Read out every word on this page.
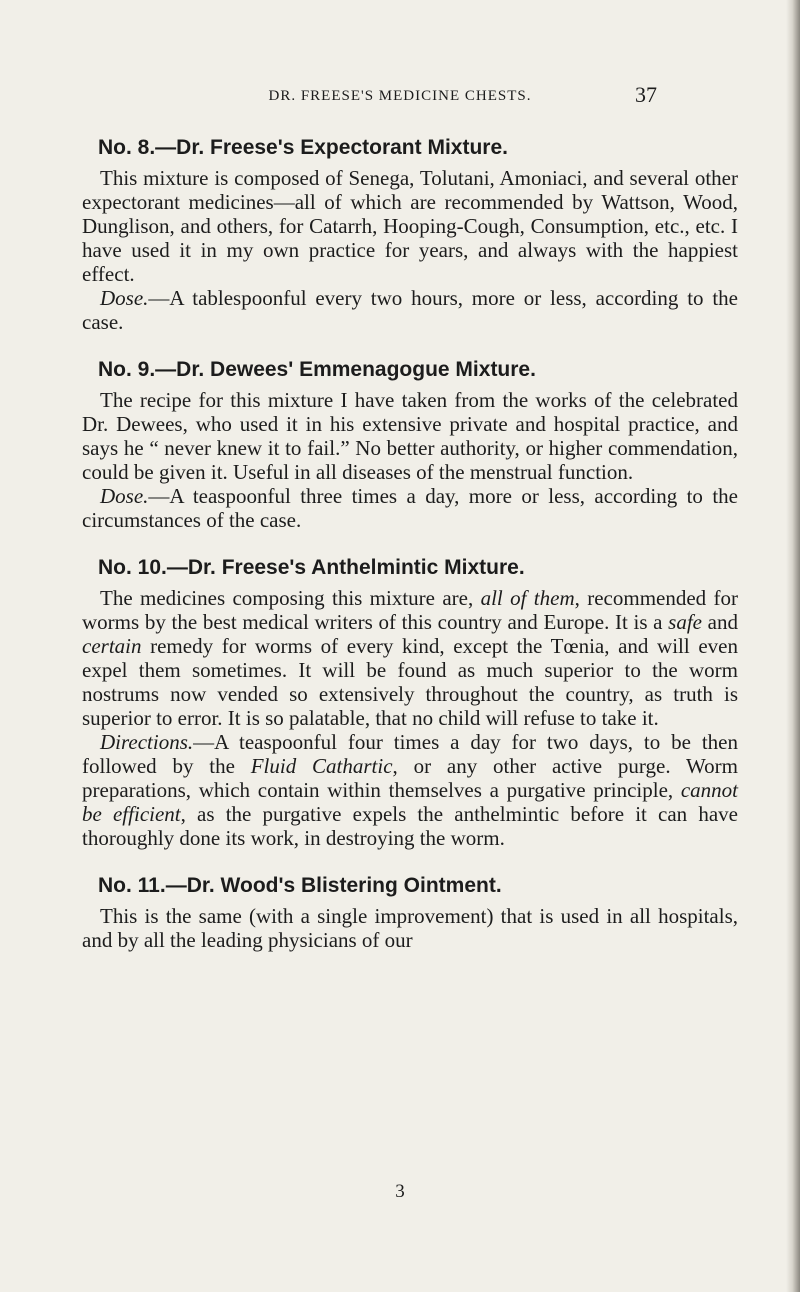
DR. FREESE'S MEDICINE CHESTS.	37
No. 8.—Dr. Freese's Expectorant Mixture.

This mixture is composed of Senega, Tolutani, Amoniaci, and several other expectorant medicines—all of which are recommended by Wattson, Wood, Dunglison, and others, for Catarrh, Hooping-Cough, Consumption, etc., etc. I have used it in my own practice for years, and always with the happiest effect.

Dose.—A tablespoonful every two hours, more or less, according to the case.

No. 9.—Dr. Dewees' Emmenagogue Mixture.

The recipe for this mixture I have taken from the works of the celebrated Dr. Dewees, who used it in his extensive private and hospital practice, and says he “ never knew it to fail.” No better authority, or higher commendation, could be given it. Useful in all diseases of the menstrual function.

Dose.—A teaspoonful three times a day, more or less, according to the circumstances of the case.

No. 10.—Dr. Freese's Anthelmintic Mixture.

The medicines composing this mixture are, all of them, recommended for worms by the best medical writers of this country and Europe. It is a safe and certain remedy for worms of every kind, except the Tœnia, and will even expel them sometimes. It will be found as much superior to the worm nostrums now vended so extensively throughout the country, as truth is superior to error. It is so palatable, that no child will refuse to take it.

Directions.—A teaspoonful four times a day for two days, to be then followed by the Fluid Cathartic, or any other active purge. Worm preparations, which contain within themselves a purgative principle, cannot be efficient, as the purgative expels the anthelmintic before it can have thoroughly done its work, in destroying the worm.

No. 11.—Dr. Wood's Blistering Ointment.

This is the same (with a single improvement) that is used in all hospitals, and by all the leading physicians of our

3
